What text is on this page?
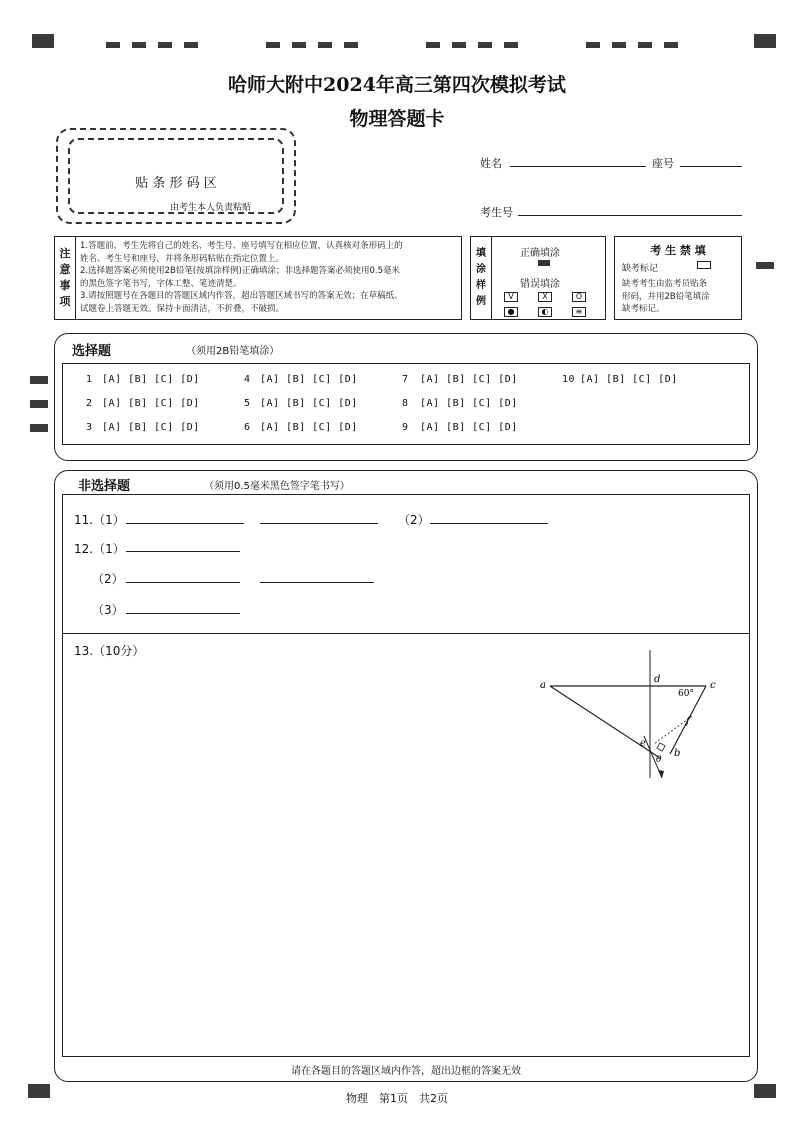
哈师大附中2024年高三第四次模拟考试
物理答题卡
贴 条 形 码 区
由考生本人负责粘贴
姓名	座号
考生号
注
意
事
项
1.答题前，考生先将自己的姓名、考生号、座号填写在相应位置，认真核对条形码上的
姓名、考生号和座号，并将条形码粘贴在指定位置上。
2.选择题答案必须使用2B铅笔(按填涂样例)正确填涂；非选择题答案必须使用0.5毫米
的黑色签字笔书写，字体工整、笔迹清楚。
3.请按照题号在各题目的答题区域内作答，超出答题区域书写的答案无效；在草稿纸、
试题卷上答题无效。保持卡面清洁，不折叠，不破损。
填
涂
样
例
正确填涂
错误填涂
V	X	O
●	◐	≡
考 生 禁 填
缺考标记
缺考考生由监考员贴条
形码，并用2B铅笔填涂
缺考标记。
选择题	（须用2B铅笔填涂）
1 [A] [B] [C] [D]
2 [A] [B] [C] [D]
3 [A] [B] [C] [D]
4 [A] [B] [C] [D]
5 [A] [B] [C] [D]
6 [A] [B] [C] [D]
7 [A] [B] [C] [D]
8 [A] [B] [C] [D]
9 [A] [B] [C] [D]
10 [A] [B] [C] [D]
非选择题	（须用0.5毫米黑色签字笔书写）
11.（1）	（2）
12.（1）
（2）
（3）
13.（10分）
a	c
d
60°
e
f
b
θ
请在各题目的答题区域内作答，超出边框的答案无效
物理　第1页　共2页
